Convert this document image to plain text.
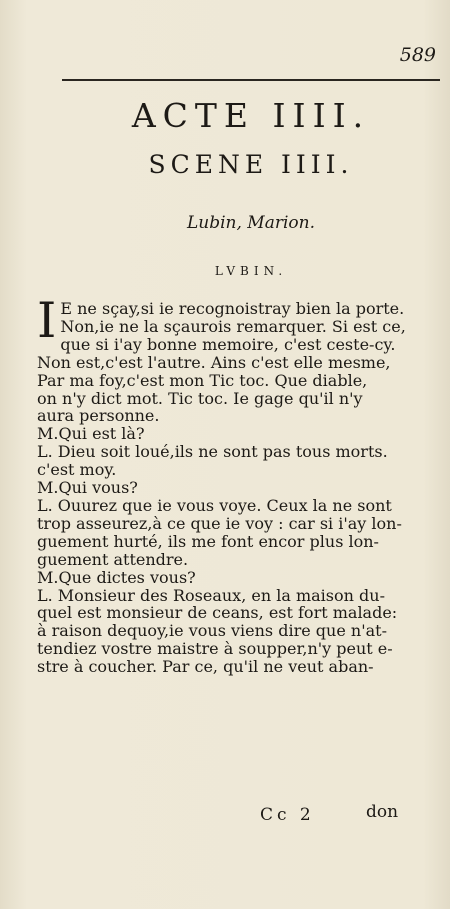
589
ACTE IIII.
SCENE IIII.
Lubin, Marion.
LVBIN.
I E ne sçay,si ie recognoistray bien la porte.
Non,ie ne la sçaurois remarquer. Si est ce,
que si i'ay bonne memoire, c'est ceste-cy.
Non est,c'est l'autre. Ains c'est elle mesme,
Par ma foy,c'est mon Tic toc. Que diable,
on n'y dict mot. Tic toc. Ie gage qu'il n'y
aura personne.
M.Qui est là?
L. Dieu soit loué,ils ne sont pas tous morts.
c'est moy.
M.Qui vous?
L. Ouurez que ie vous voye. Ceux la ne sont
trop asseurez,à ce que ie voy : car si i'ay lon-
guement hurté, ils me font encor plus lon-
guement attendre.
M.Que dictes vous?
L. Monsieur des Roseaux, en la maison du-
quel est monsieur de ceans, est fort malade:
à raison dequoy,ie vous viens dire que n'at-
tendiez vostre maistre à soupper,n'y peut e-
stre à coucher. Par ce, qu'il ne veut aban-
Cc 2	don
